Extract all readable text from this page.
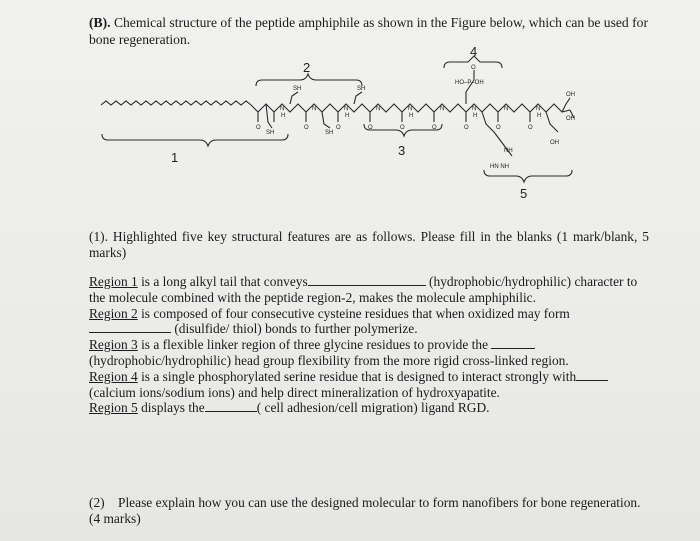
(B). Chemical structure of the peptide amphiphile as shown in the Figure below, which can be used for bone regeneration.
1
2
3
4
5
SH	SH
SH	SH
HO–P–OH
OH
OH
OH
NH
HN NH
N	N	N	N	N	N	N	N	N
H	H	H	H	H
O	O	O	O	O	O	O	O	O
O
(1). Highlighted five key structural features are as follows. Please fill in the blanks (1 mark/blank, 5 marks)

Region 1 is a long alkyl tail that conveys	(hydrophobic/hydrophilic) character to the molecule combined with the peptide region-2, makes the molecule amphiphilic.

Region 2 is composed of four consecutive cysteine residues that when oxidized may form  (disulfide/ thiol) bonds to further polymerize.

Region 3 is a flexible linker region of three glycine residues to provide the  (hydrophobic/hydrophilic) head group flexibility from the more rigid cross-linked region.

Region 4 is a single phosphorylated serine residue that is designed to interact strongly with (calcium ions/sodium ions) and help direct mineralization of hydroxyapatite.

Region 5 displays the	( cell adhesion/cell migration) ligand RGD.

(2) Please explain how you can use the designed molecular to form nanofibers for bone regeneration. (4 marks)
